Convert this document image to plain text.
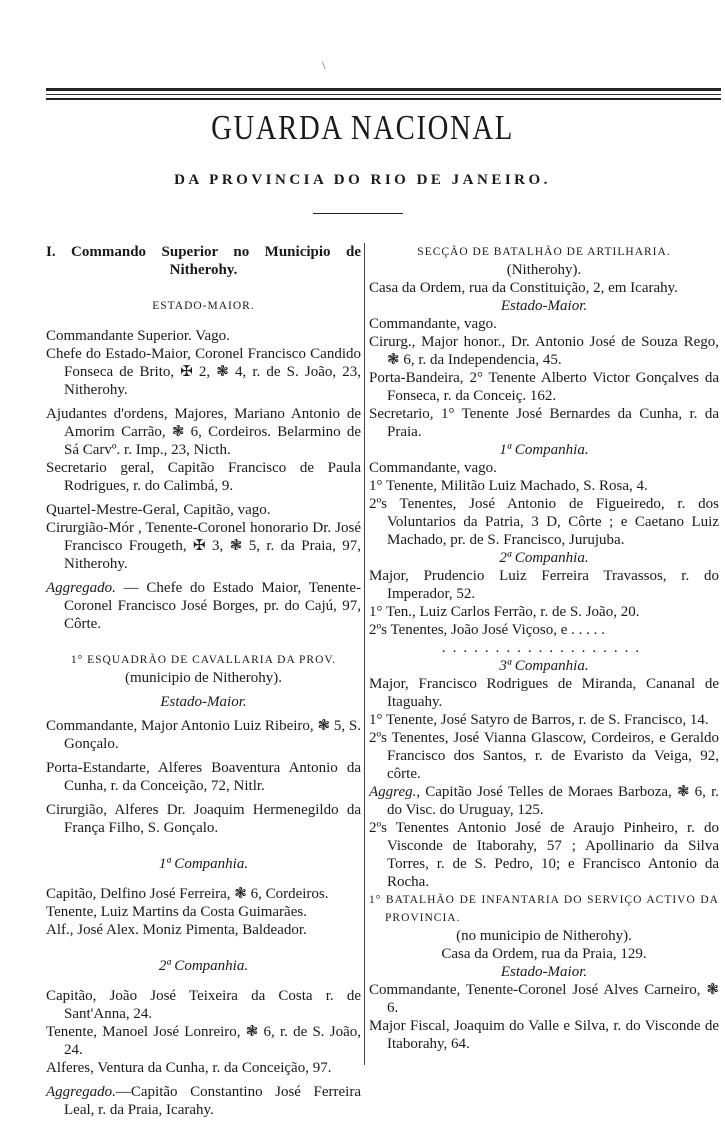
\
GUARDA NACIONAL
DA PROVINCIA DO RIO DE JANEIRO.
I. Commando Superior no Municipio de Nitherohy.
ESTADO-MAIOR.
Commandante Superior. Vago.
Chefe do Estado-Maior, Coronel Francisco Candido Fonseca de Brito, ✠ 2, ❃ 4, r. de S. João, 23, Nitherohy.
Ajudantes d'ordens, Majores, Mariano Antonio de Amorim Carrão, ❃ 6, Cordeiros. Belarmino de Sá Carvº. r. Imp., 23, Nicth.
Secretario geral, Capitão Francisco de Paula Rodrigues, r. do Calimbá, 9.
Quartel-Mestre-Geral, Capitão, vago.
Cirurgião-Mór , Tenente-Coronel honorario Dr. José Francisco Frougeth, ✠ 3, ❃ 5, r. da Praia, 97, Nitherohy.
Aggregado. — Chefe do Estado Maior, Tenente-Coronel Francisco José Borges, pr. do Cajú, 97, Côrte.
1° ESQUADRÃO DE CAVALLARIA DA PROV.
(municipio de Nitherohy).
Estado-Maior.
Commandante, Major Antonio Luiz Ribeiro, ❃ 5, S. Gonçalo.
Porta-Estandarte, Alferes Boaventura Antonio da Cunha, r. da Conceição, 72, Nitlr.
Cirurgião, Alferes Dr. Joaquim Hermenegildo da França Filho, S. Gonçalo.
1ª Companhia.
Capitão, Delfino José Ferreira, ❃ 6, Cordeiros.
Tenente, Luiz Martins da Costa Guimarães.
Alf., José Alex. Moniz Pimenta, Baldeador.
2ª Companhia.
Capitão, João José Teixeira da Costa r. de Sant'Anna, 24.
Tenente, Manoel José Lonreiro, ❃ 6, r. de S. João, 24.
Alferes, Ventura da Cunha, r. da Conceição, 97.
Aggregado.—Capitão Constantino José Ferreira Leal, r. da Praia, Icarahy.
SECÇÃO DE BATALHÃO DE ARTILHARIA.
(Nitherohy).
Casa da Ordem, rua da Constituição, 2, em Icarahy.
Estado-Maior.
Commandante, vago.
Cirurg., Major honor., Dr. Antonio José de Souza Rego, ❃ 6, r. da Independencia, 45.
Porta-Bandeira, 2° Tenente Alberto Victor Gonçalves da Fonseca, r. da Conceiç. 162.
Secretario, 1° Tenente José Bernardes da Cunha, r. da Praia.
1ª Companhia.
Commandante, vago.
1° Tenente, Militão Luiz Machado, S. Rosa, 4.
2ºs Tenentes, José Antonio de Figueiredo, r. dos Voluntarios da Patria, 3 D, Côrte ; e Caetano Luiz Machado, pr. de S. Francisco, Jurujuba.
2ª Companhia.
Major, Prudencio Luiz Ferreira Travassos, r. do Imperador, 52.
1° Ten., Luiz Carlos Ferrão, r. de S. João, 20.
2ºs Tenentes, João José Viçoso, e . . . . .
...................
3ª Companhia.
Major, Francisco Rodrigues de Miranda, Cananal de Itaguahy.
1° Tenente, José Satyro de Barros, r. de S. Francisco, 14.
2ºs Tenentes, José Vianna Glascow, Cordeiros, e Geraldo Francisco dos Santos, r. de Evaristo da Veiga, 92, côrte.
Aggreg., Capitão José Telles de Moraes Barboza, ❃ 6, r. do Visc. do Uruguay, 125.
2ºs Tenentes Antonio José de Araujo Pinheiro, r. do Visconde de Itaborahy, 57 ; Apollinario da Silva Torres, r. de S. Pedro, 10; e Francisco Antonio da Rocha.
1° BATALHÃO DE INFANTARIA DO SERVIÇO ACTIVO DA PROVINCIA.
(no municipio de Nitherohy).
Casa da Ordem, rua da Praia, 129.
Estado-Maior.
Commandante, Tenente-Coronel José Alves Carneiro, ❃ 6.
Major Fiscal, Joaquim do Valle e Silva, r. do Visconde de Itaborahy, 64.
